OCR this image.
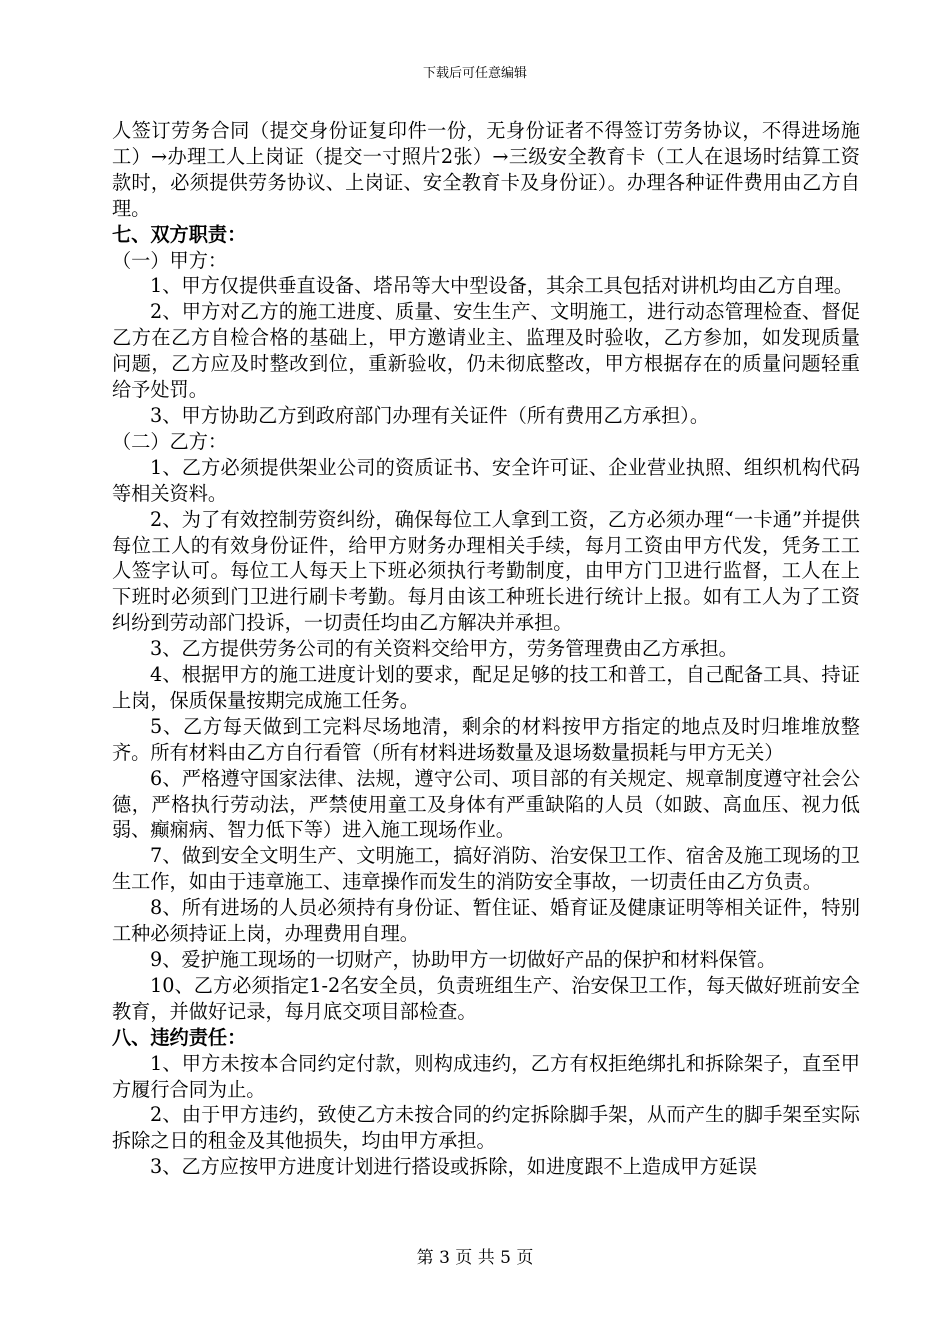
下载后可任意编辑

人签订劳务合同（提交身份证复印件一份，无身份证者不得签订劳务协议，不得进场施工）→办理工人上岗证（提交一寸照片2张）→三级安全教育卡（工人在退场时结算工资款时，必须提供劳务协议、上岗证、安全教育卡及身份证）。办理各种证件费用由乙方自理。

七、双方职责：

（一）甲方：

1、甲方仅提供垂直设备、塔吊等大中型设备，其余工具包括对讲机均由乙方自理。

2、甲方对乙方的施工进度、质量、安生生产、文明施工，进行动态管理检查、督促乙方在乙方自检合格的基础上，甲方邀请业主、监理及时验收，乙方参加，如发现质量问题，乙方应及时整改到位，重新验收，仍未彻底整改，甲方根据存在的质量问题轻重给予处罚。

3、甲方协助乙方到政府部门办理有关证件（所有费用乙方承担）。

（二）乙方：

1、乙方必须提供架业公司的资质证书、安全许可证、企业营业执照、组织机构代码等相关资料。

2、为了有效控制劳资纠纷，确保每位工人拿到工资，乙方必须办理“一卡通”并提供每位工人的有效身份证件，给甲方财务办理相关手续，每月工资由甲方代发，凭务工工人签字认可。每位工人每天上下班必须执行考勤制度，由甲方门卫进行监督，工人在上下班时必须到门卫进行刷卡考勤。每月由该工种班长进行统计上报。如有工人为了工资纠纷到劳动部门投诉，一切责任均由乙方解决并承担。

3、乙方提供劳务公司的有关资料交给甲方，劳务管理费由乙方承担。

4、根据甲方的施工进度计划的要求，配足足够的技工和普工，自己配备工具、持证上岗，保质保量按期完成施工任务。

5、乙方每天做到工完料尽场地清，剩余的材料按甲方指定的地点及时归堆堆放整齐。所有材料由乙方自行看管（所有材料进场数量及退场数量损耗与甲方无关）

6、严格遵守国家法律、法规，遵守公司、项目部的有关规定、规章制度遵守社会公德，严格执行劳动法，严禁使用童工及身体有严重缺陷的人员（如跛、高血压、视力低弱、癫痫病、智力低下等）进入施工现场作业。

7、做到安全文明生产、文明施工，搞好消防、治安保卫工作、宿舍及施工现场的卫生工作，如由于违章施工、违章操作而发生的消防安全事故，一切责任由乙方负责。

8、所有进场的人员必须持有身份证、暂住证、婚育证及健康证明等相关证件，特别工种必须持证上岗，办理费用自理。

9、爱护施工现场的一切财产，协助甲方一切做好产品的保护和材料保管。

10、乙方必须指定1-2名安全员，负责班组生产、治安保卫工作，每天做好班前安全教育，并做好记录，每月底交项目部检查。

八、违约责任：

1、甲方未按本合同约定付款，则构成违约，乙方有权拒绝绑扎和拆除架子，直至甲方履行合同为止。

2、由于甲方违约，致使乙方未按合同的约定拆除脚手架，从而产生的脚手架至实际拆除之日的租金及其他损失，均由甲方承担。

3、乙方应按甲方进度计划进行搭设或拆除，如进度跟不上造成甲方延误

第 3 页 共 5 页
